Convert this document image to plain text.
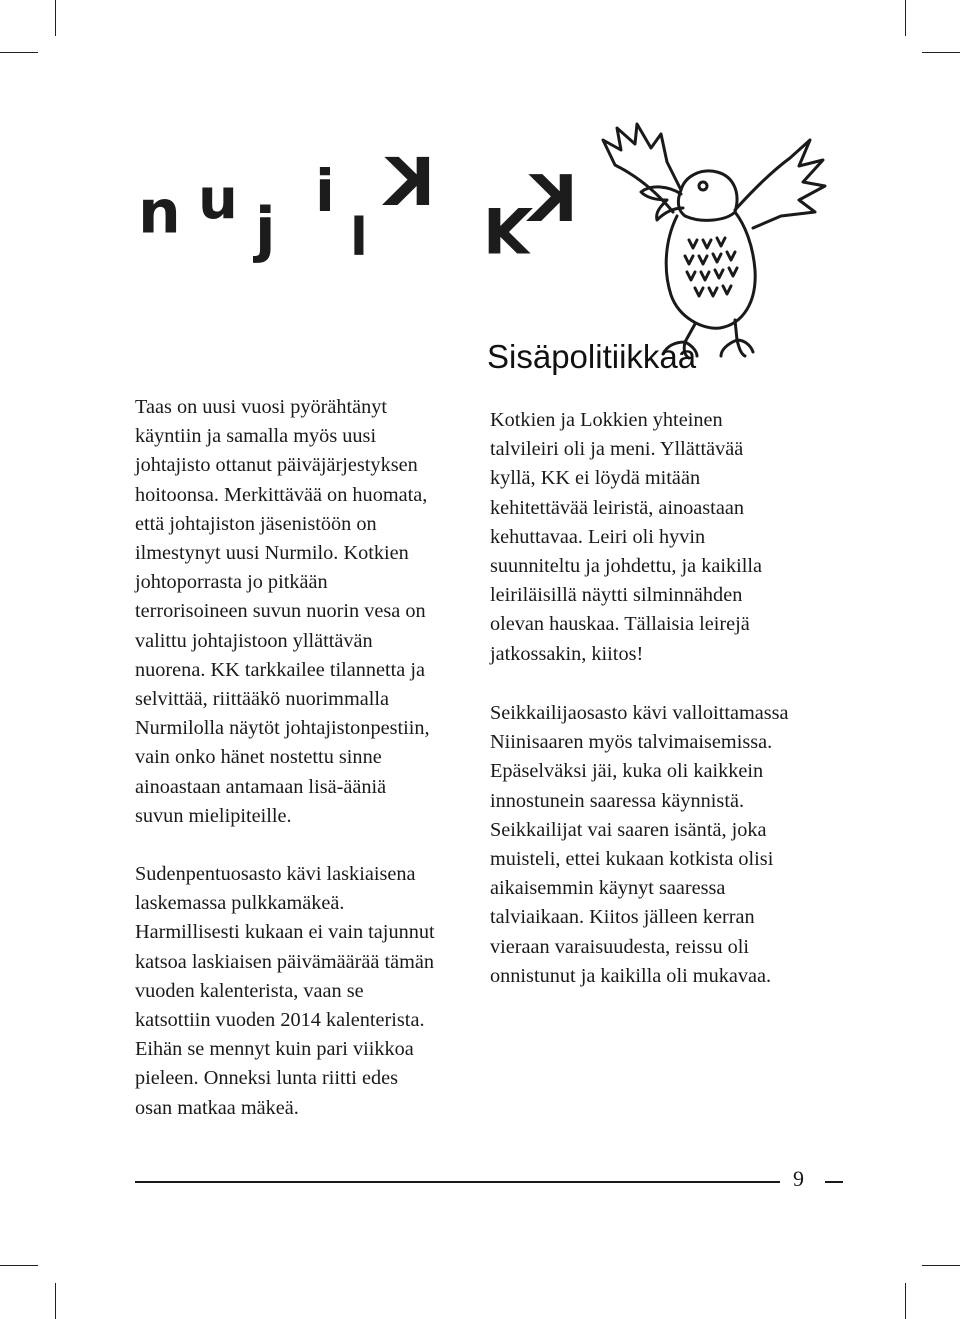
u u j
i
l
K
K
K
Sisäpolitiikkaa

Taas on uusi vuosi pyörähtänyt
käyntiin ja samalla myös uusi
johtajisto ottanut päiväjärjestyksen
hoitoonsa. Merkittävää on huomata,
että johtajiston jäsenistöön on
ilmestynyt uusi Nurmilo. Kotkien
johtoporrasta jo pitkään
terrorisoineen suvun nuorin vesa on
valittu johtajistoon yllättävän
nuorena. KK tarkkailee tilannetta ja
selvittää, riittääkö nuorimmalla
Nurmilolla näytöt johtajistonpestiin,
vain onko hänet nostettu sinne
ainoastaan antamaan lisä-ääniä
suvun mielipiteille.

Sudenpentuosasto kävi laskiaisena
laskemassa pulkkamäkeä.
Harmillisesti kukaan ei vain tajunnut
katsoa laskiaisen päivämäärää tämän
vuoden kalenterista, vaan se
katsottiin vuoden 2014 kalenterista.
Eihän se mennyt kuin pari viikkoa
pieleen. Onneksi lunta riitti edes
osan matkaa mäkeä.

Kotkien ja Lokkien yhteinen
talvileiri oli ja meni. Yllättävää
kyllä, KK ei löydä mitään
kehitettävää leiristä, ainoastaan
kehuttavaa. Leiri oli hyvin
suunniteltu ja johdettu, ja kaikilla
leiriläisillä näytti silminnähden
olevan hauskaa. Tällaisia leirejä
jatkossakin, kiitos!

Seikkailijaosasto kävi valloittamassa
Niinisaaren myös talvimaisemissa.
Epäselväksi jäi, kuka oli kaikkein
innostunein saaressa käynnistä.
Seikkailijat vai saaren isäntä, joka
muisteli, ettei kukaan kotkista olisi
aikaisemmin käynyt saaressa
talviaikaan. Kiitos jälleen kerran
vieraan varaisuudesta, reissu oli
onnistunut ja kaikilla oli mukavaa.

9
